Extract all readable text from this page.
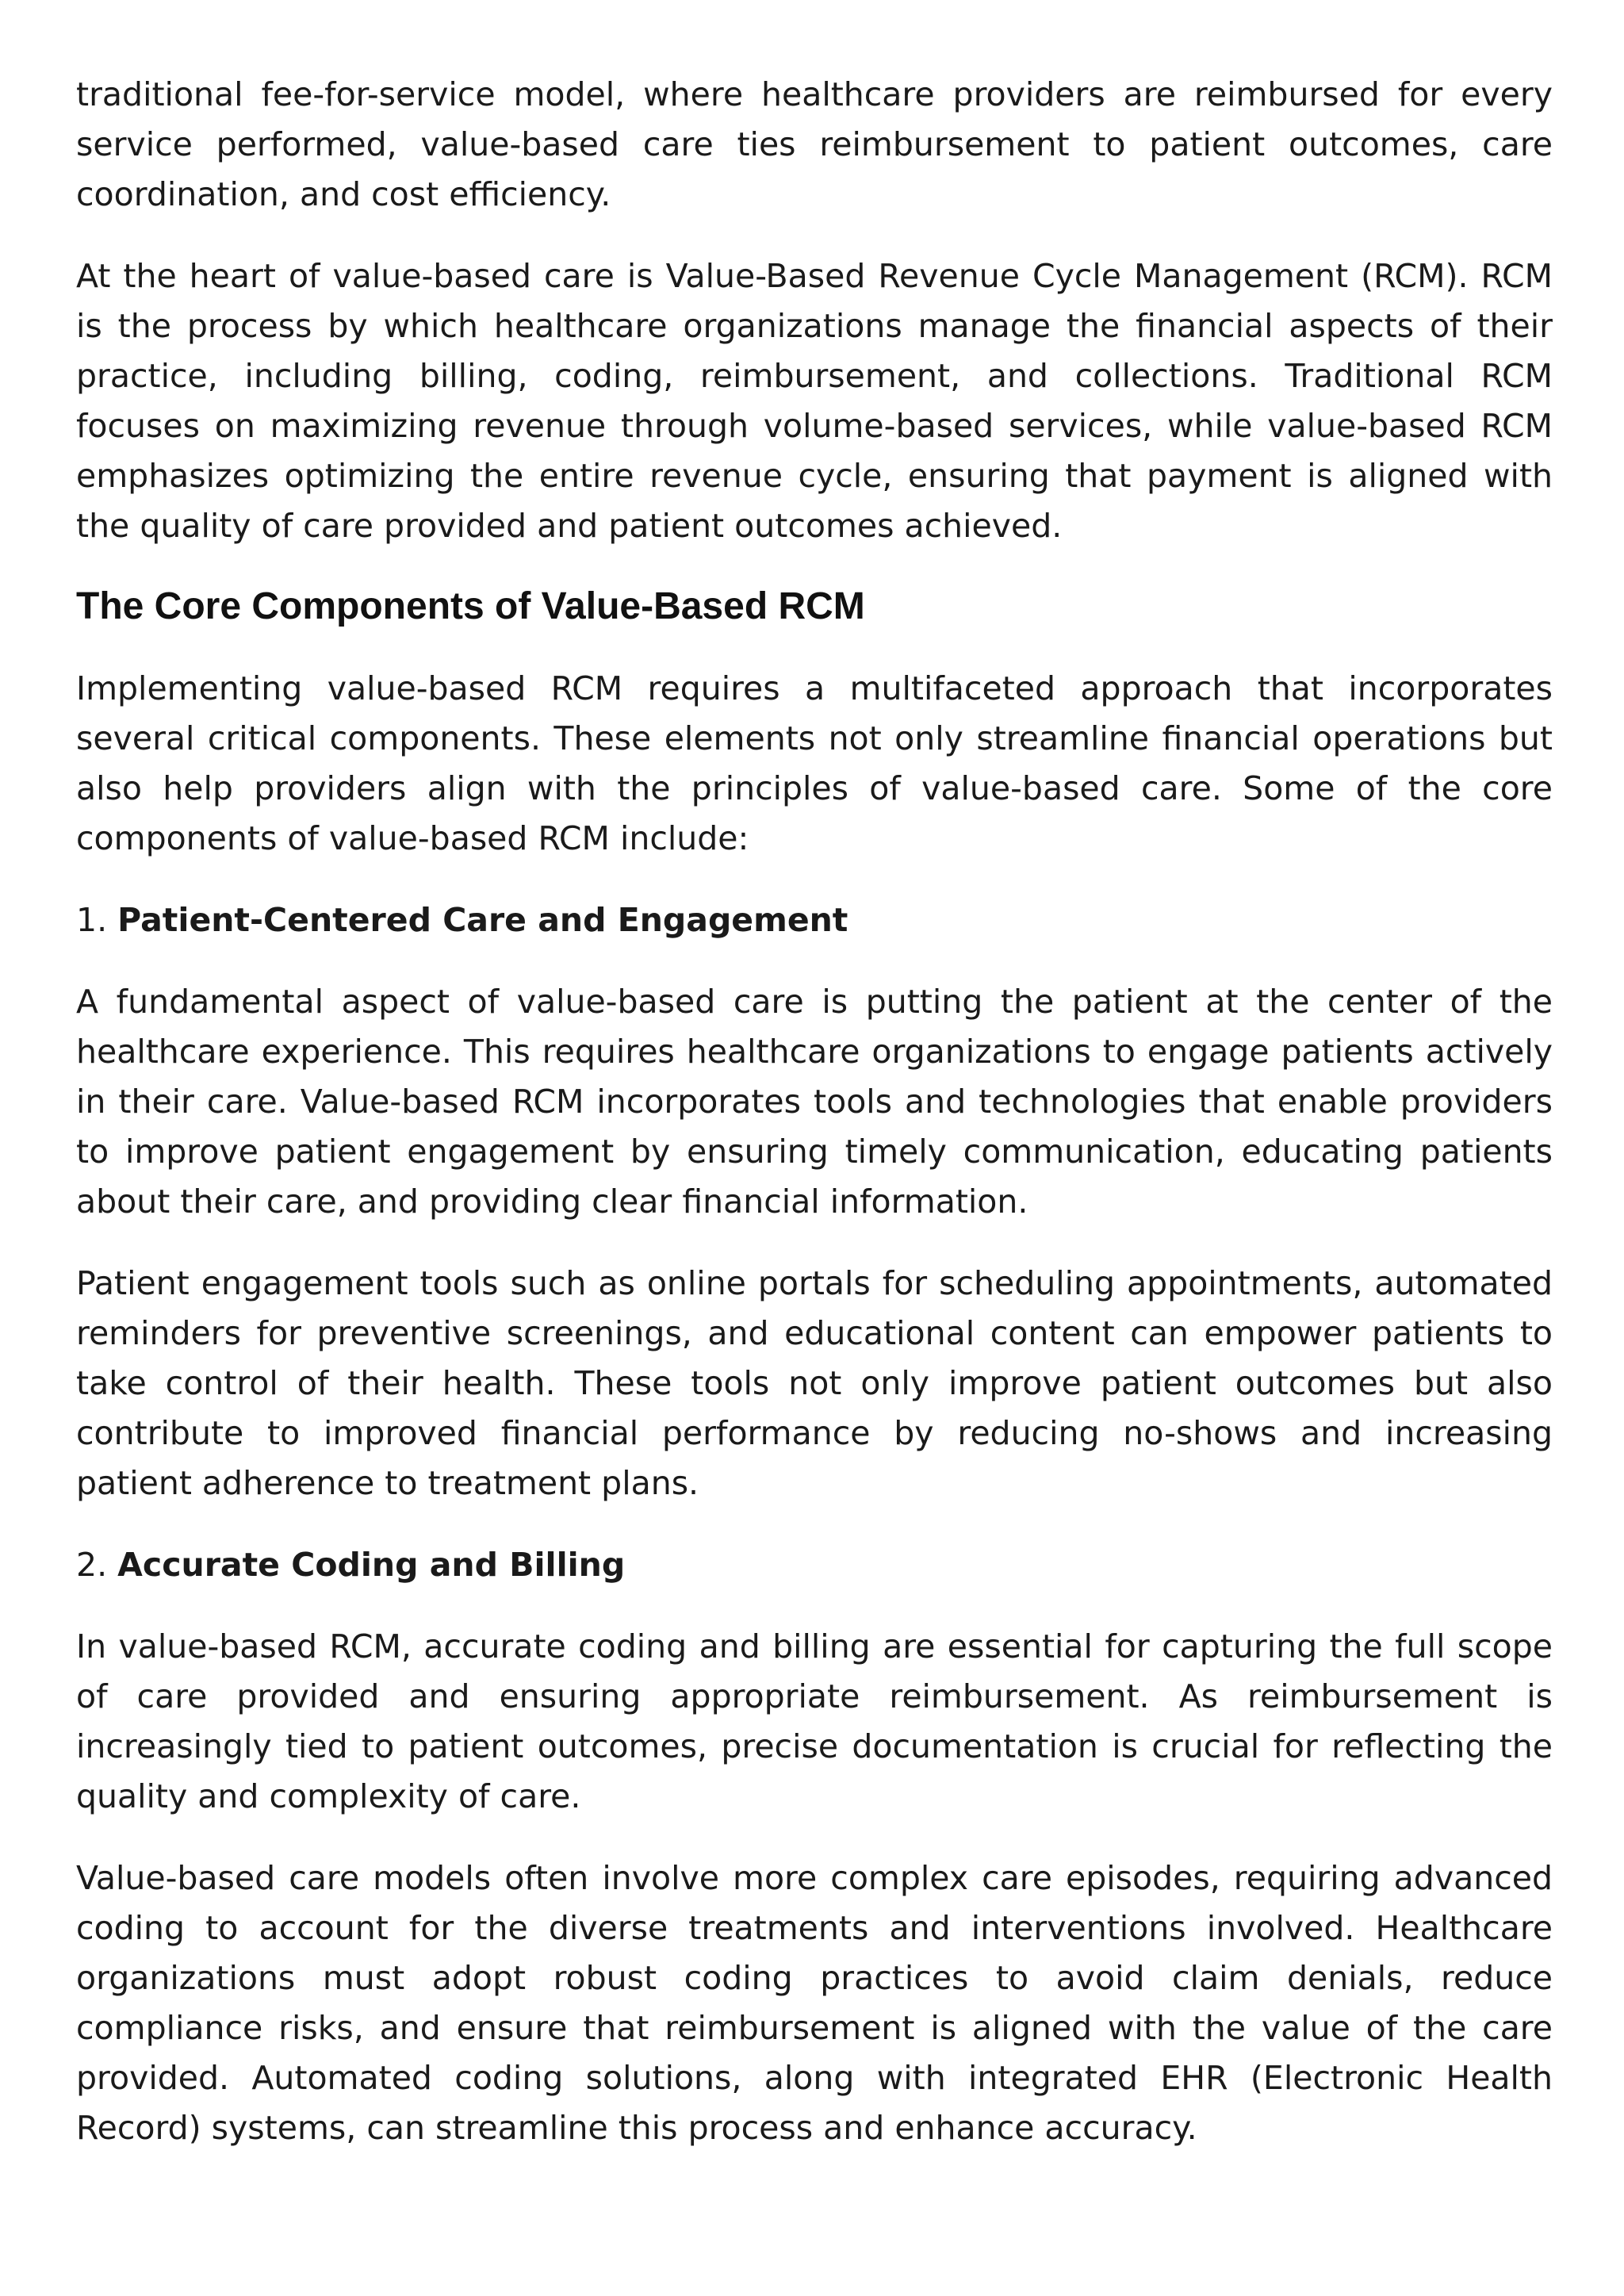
traditional fee-for-service model, where healthcare providers are reimbursed for every service performed, value-based care ties reimbursement to patient outcomes, care coordination, and cost efficiency.

At the heart of value-based care is Value-Based Revenue Cycle Management (RCM). RCM is the process by which healthcare organizations manage the financial aspects of their practice, including billing, coding, reimbursement, and collections. Traditional RCM focuses on maximizing revenue through volume-based services, while value-based RCM emphasizes optimizing the entire revenue cycle, ensuring that payment is aligned with the quality of care provided and patient outcomes achieved.

The Core Components of Value-Based RCM

Implementing value-based RCM requires a multifaceted approach that incorporates several critical components. These elements not only streamline financial operations but also help providers align with the principles of value-based care. Some of the core components of value-based RCM include:

1. Patient-Centered Care and Engagement

A fundamental aspect of value-based care is putting the patient at the center of the healthcare experience. This requires healthcare organizations to engage patients actively in their care. Value-based RCM incorporates tools and technologies that enable providers to improve patient engagement by ensuring timely communication, educating patients about their care, and providing clear financial information.

Patient engagement tools such as online portals for scheduling appointments, automated reminders for preventive screenings, and educational content can empower patients to take control of their health. These tools not only improve patient outcomes but also contribute to improved financial performance by reducing no-shows and increasing patient adherence to treatment plans.

2. Accurate Coding and Billing

In value-based RCM, accurate coding and billing are essential for capturing the full scope of care provided and ensuring appropriate reimbursement. As reimbursement is increasingly tied to patient outcomes, precise documentation is crucial for reflecting the quality and complexity of care.

Value-based care models often involve more complex care episodes, requiring advanced coding to account for the diverse treatments and interventions involved. Healthcare organizations must adopt robust coding practices to avoid claim denials, reduce compliance risks, and ensure that reimbursement is aligned with the value of the care provided. Automated coding solutions, along with integrated EHR (Electronic Health Record) systems, can streamline this process and enhance accuracy.
